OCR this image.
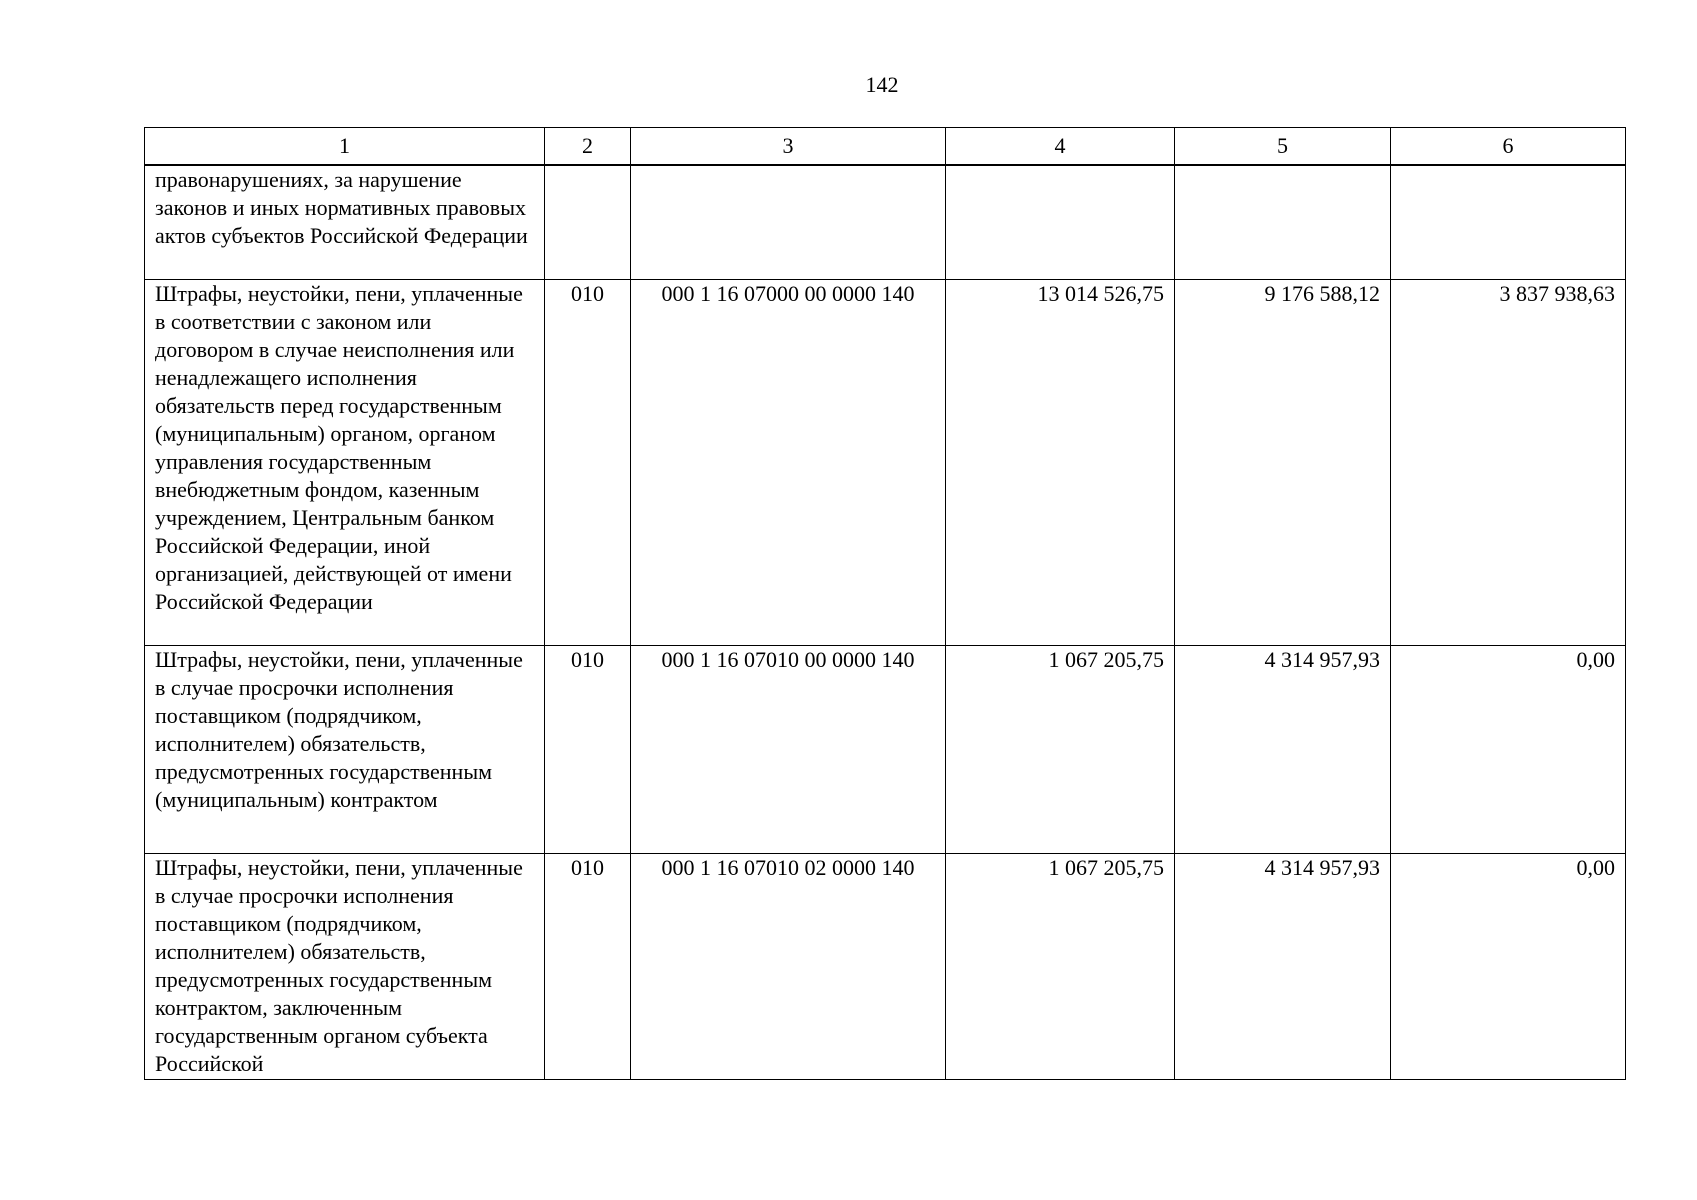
142
1	2	3	4	5	6
правонарушениях, за нарушение законов и иных нормативных правовых актов субъектов Российской Федерации					
Штрафы, неустойки, пени, уплаченные в соответствии с законом или договором в случае неисполнения или ненадлежащего исполнения обязательств перед государственным (муниципальным) органом, органом управления государственным внебюджетным фондом, казенным учреждением, Центральным банком Российской Федерации, иной организацией, действующей от имени Российской Федерации	010	000 1 16 07000 00 0000 140	13 014 526,75	9 176 588,12	3 837 938,63
Штрафы, неустойки, пени, уплаченные в случае просрочки исполнения поставщиком (подрядчиком, исполнителем) обязательств, предусмотренных государственным (муниципальным) контрактом	010	000 1 16 07010 00 0000 140	1 067 205,75	4 314 957,93	0,00
Штрафы, неустойки, пени, уплаченные в случае просрочки исполнения поставщиком (подрядчиком, исполнителем) обязательств, предусмотренных государственным контрактом, заключенным государственным органом субъекта Российской	010	000 1 16 07010 02 0000 140	1 067 205,75	4 314 957,93	0,00
